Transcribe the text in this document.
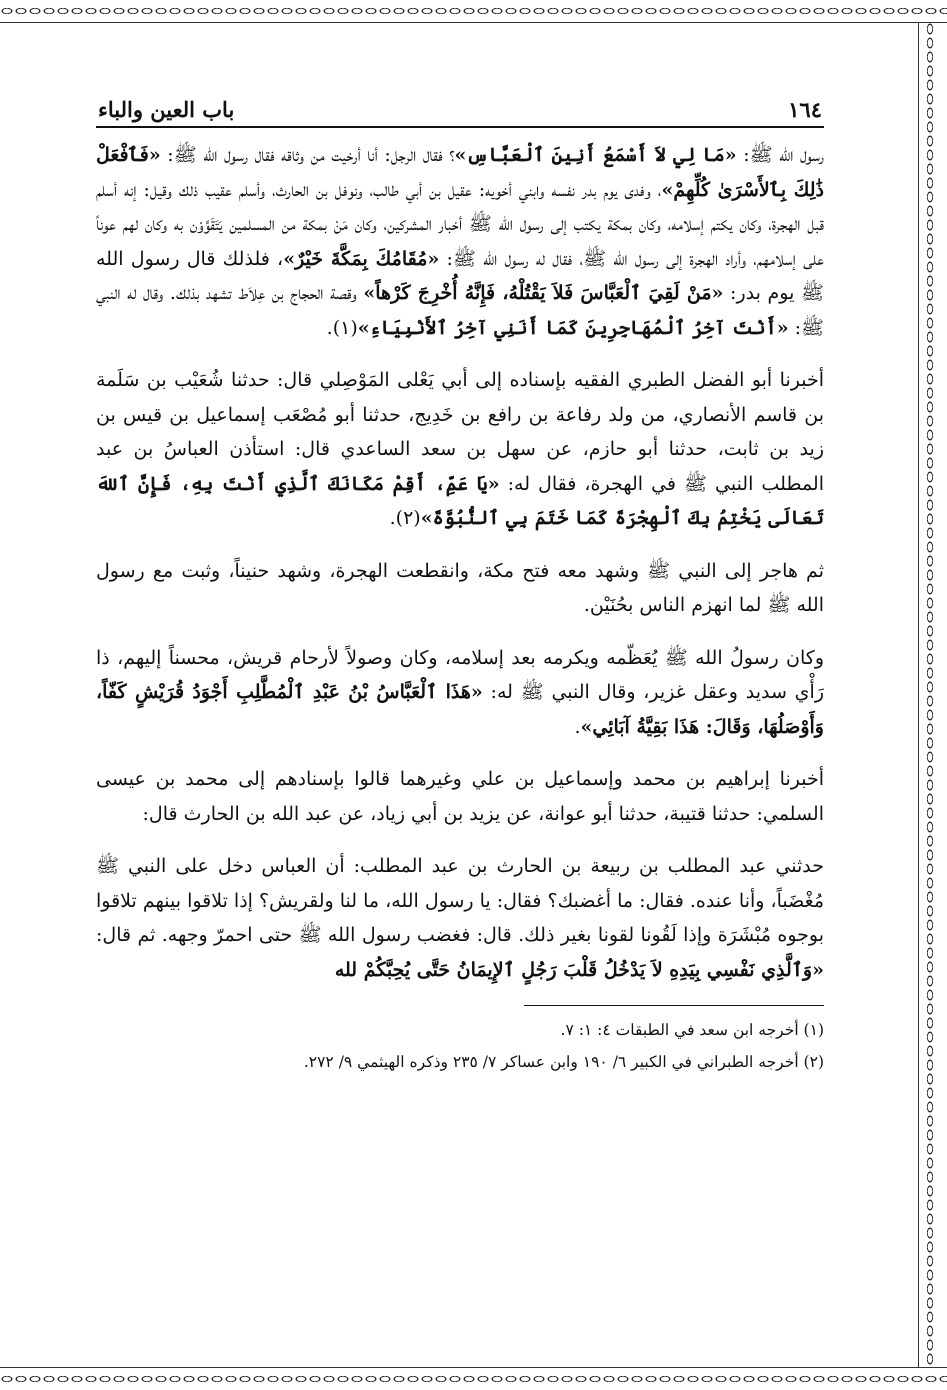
١٦٤
باب العين والباء

رسول الله ﷺ: «مَا لِي لاَ أَسْمَعُ أَنِينَ ٱلْعَبَّاسِ»؟ فقال الرجل: أنا أرخيت من وثاقه فقال رسول الله ﷺ: «فَٱفْعَلْ ذَٰلِكَ بِٱلأَسْرَىٰ كُلِّهِمْ»، وفدى يوم بدر نفسه وابني أخويه: عقيل بن أبي طالب، ونوفل بن الحارث، وأسلم عقيب ذلك وقيل: إنه أسلم قبل الهجرة، وكان يكتم إسلامه، وكان بمكة يكتب إلى رسول الله ﷺ أخبار المشركين، وكان مَنْ بمكة من المسلمين يَتَقَوَّوْن به وكان لهم عوناً على إسلامهم، وأراد الهجرة إلى رسول الله ﷺ، فقال له رسول الله ﷺ: «مُقَامُكَ بِمَكَّةَ خَيْرٌ»، فلذلك قال رسول الله ﷺ يوم بدر: «مَنْ لَقِيَ ٱلْعَبَّاسَ فَلاَ يَقْتُلْهُ، فَإِنَّهُ أُخْرِجَ كَرْهاً» وقصة الحجاج بن عِلاَط تشهد بذلك. وقال له النبي ﷺ: «أَنْتَ آخِرُ ٱلْمُهَاجِرِينَ كَمَا أَنَنِي آخِرُ ٱلأَنْبِيَاءِ»(١).

أخبرنا أبو الفضل الطبري الفقيه بإسناده إلى أبي يَعْلى المَوْصِلي قال: حدثنا شُعَيْب بن سَلَمة بن قاسم الأنصاري، من ولد رفاعة بن رافع بن خَدِيج، حدثنا أبو مُصْعَب إسماعيل بن قيس بن زيد بن ثابت، حدثنا أبو حازم، عن سهل بن سعد الساعدي قال: استأذن العباسُ بن عبد المطلب النبي ﷺ في الهجرة، فقال له: «يَا عَمِّ، أَقِمْ مَكَانَكَ ٱلَّذِي أَنْتَ بِهِ، فَإِنَّ ٱللهَ تَعَالَى يَخْتِمُ بِكَ ٱلْهِجْرَةَ كَمَا خَتَمَ بِي ٱلنُّبُوَّةَ»(٢).

ثم هاجر إلى النبي ﷺ وشهد معه فتح مكة، وانقطعت الهجرة، وشهد حنيناً، وثبت مع رسول الله ﷺ لما انهزم الناس بحُنَيْن.

وكان رسولُ الله ﷺ يُعَظّمه ويكرمه بعد إسلامه، وكان وصولاً لأرحام قريش، محسناً إليهم، ذا رَأْي سديد وعقل غزير، وقال النبي ﷺ له: «هَذَا ٱلْعَبَّاسُ بْنُ عَبْدِ ٱلْمُطَّلِبِ أَجْوَدُ قُرَيْشٍ كَفّاً، وَأَوْصَلُهَا، وَقَالَ: هَذَا بَقِيَّةُ آبَائِي».

أخبرنا إبراهيم بن محمد وإسماعيل بن علي وغيرهما قالوا بإسنادهم إلى محمد بن عيسى السلمي: حدثنا قتيبة، حدثنا أبو عوانة، عن يزيد بن أبي زياد، عن عبد الله بن الحارث قال:

حدثني عبد المطلب بن ربيعة بن الحارث بن عبد المطلب: أن العباس دخل على النبي ﷺ مُغْضَباً، وأنا عنده. فقال: ما أغضبك؟ فقال: يا رسول الله، ما لنا ولقريش؟ إذا تلاقوا بينهم تلاقوا بوجوه مُبْشَرَة وإذا لَقُونا لقونا بغير ذلك. قال: فغضب رسول الله ﷺ حتى احمرّ وجهه. ثم قال: «وَٱلَّذِي نَفْسِي بِيَدِهِ لاَ يَدْخُلُ قَلْبَ رَجُلٍ ٱلإِيمَانُ حَتَّى يُحِبَّكُمْ لله

(١) أخرجه ابن سعد في الطبقات ٤: ١: ٧.
(٢) أخرجه الطبراني في الكبير ٦/ ١٩٠ وابن عساكر ٧/ ٢٣٥ وذكره الهيثمي ٩/ ٢٧٢.
